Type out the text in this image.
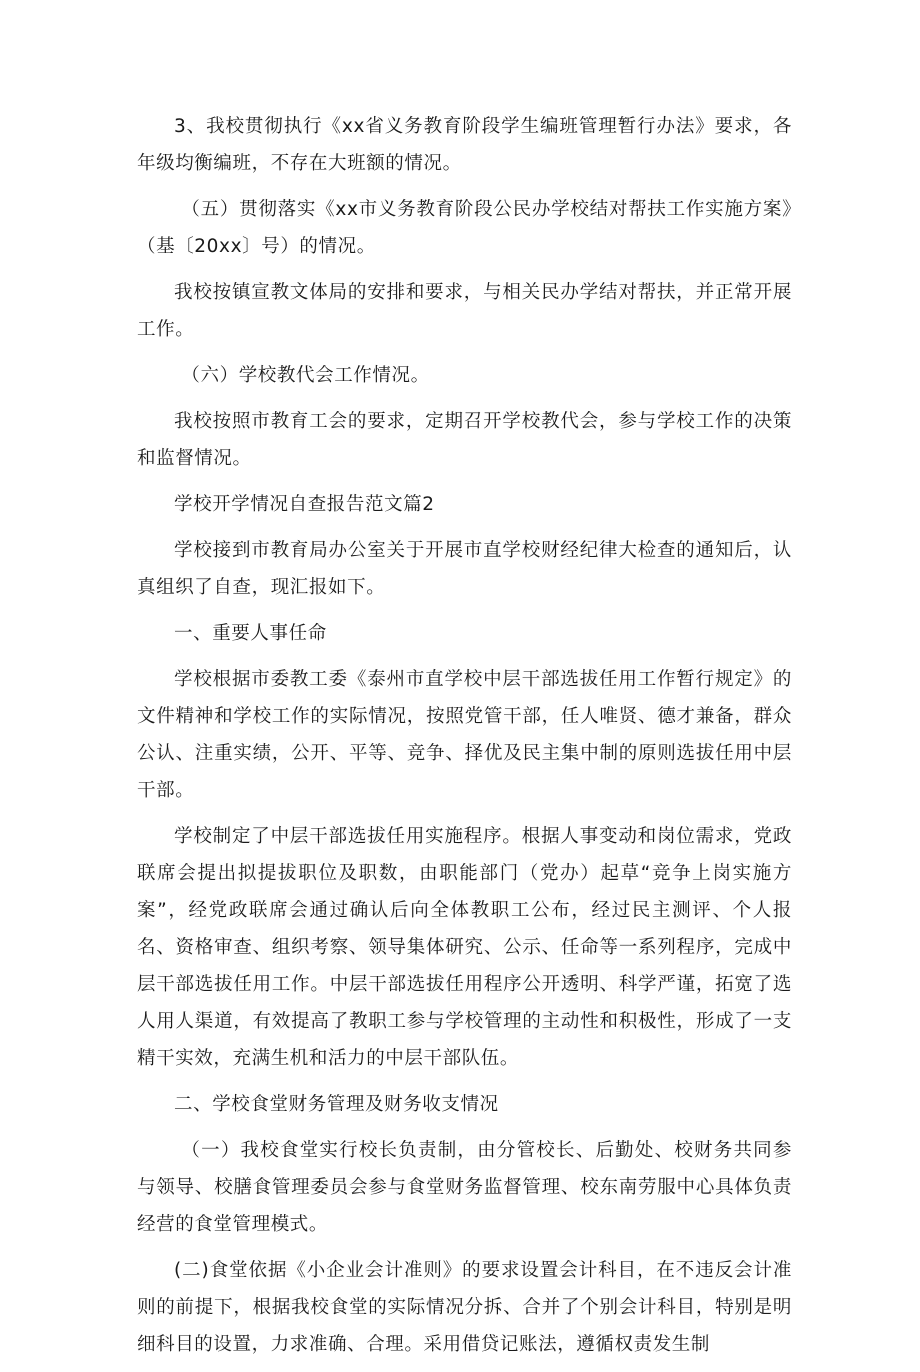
3、我校贯彻执行《xx省义务教育阶段学生编班管理暂行办法》要求，各年级均衡编班，不存在大班额的情况。

（五）贯彻落实《xx市义务教育阶段公民办学校结对帮扶工作实施方案》（基〔20xx〕号）的情况。

我校按镇宣教文体局的安排和要求，与相关民办学结对帮扶，并正常开展工作。

（六）学校教代会工作情况。

我校按照市教育工会的要求，定期召开学校教代会，参与学校工作的决策和监督情况。

学校开学情况自查报告范文篇2

学校接到市教育局办公室关于开展市直学校财经纪律大检查的通知后，认真组织了自查，现汇报如下。

一、重要人事任命

学校根据市委教工委《泰州市直学校中层干部选拔任用工作暂行规定》的文件精神和学校工作的实际情况，按照党管干部，任人唯贤、德才兼备，群众公认、注重实绩，公开、平等、竞争、择优及民主集中制的原则选拔任用中层干部。

学校制定了中层干部选拔任用实施程序。根据人事变动和岗位需求，党政联席会提出拟提拔职位及职数，由职能部门（党办）起草“竞争上岗实施方案”，经党政联席会通过确认后向全体教职工公布，经过民主测评、个人报名、资格审查、组织考察、领导集体研究、公示、任命等一系列程序，完成中层干部选拔任用工作。中层干部选拔任用程序公开透明、科学严谨，拓宽了选人用人渠道，有效提高了教职工参与学校管理的主动性和积极性，形成了一支精干实效，充满生机和活力的中层干部队伍。

二、学校食堂财务管理及财务收支情况

（一）我校食堂实行校长负责制，由分管校长、后勤处、校财务共同参与领导、校膳食管理委员会参与食堂财务监督管理、校东南劳服中心具体负责经营的食堂管理模式。

(二)食堂依据《小企业会计准则》的要求设置会计科目，在不违反会计准则的前提下，根据我校食堂的实际情况分拆、合并了个别会计科目，特别是明细科目的设置，力求准确、合理。采用借贷记账法，遵循权责发生制
